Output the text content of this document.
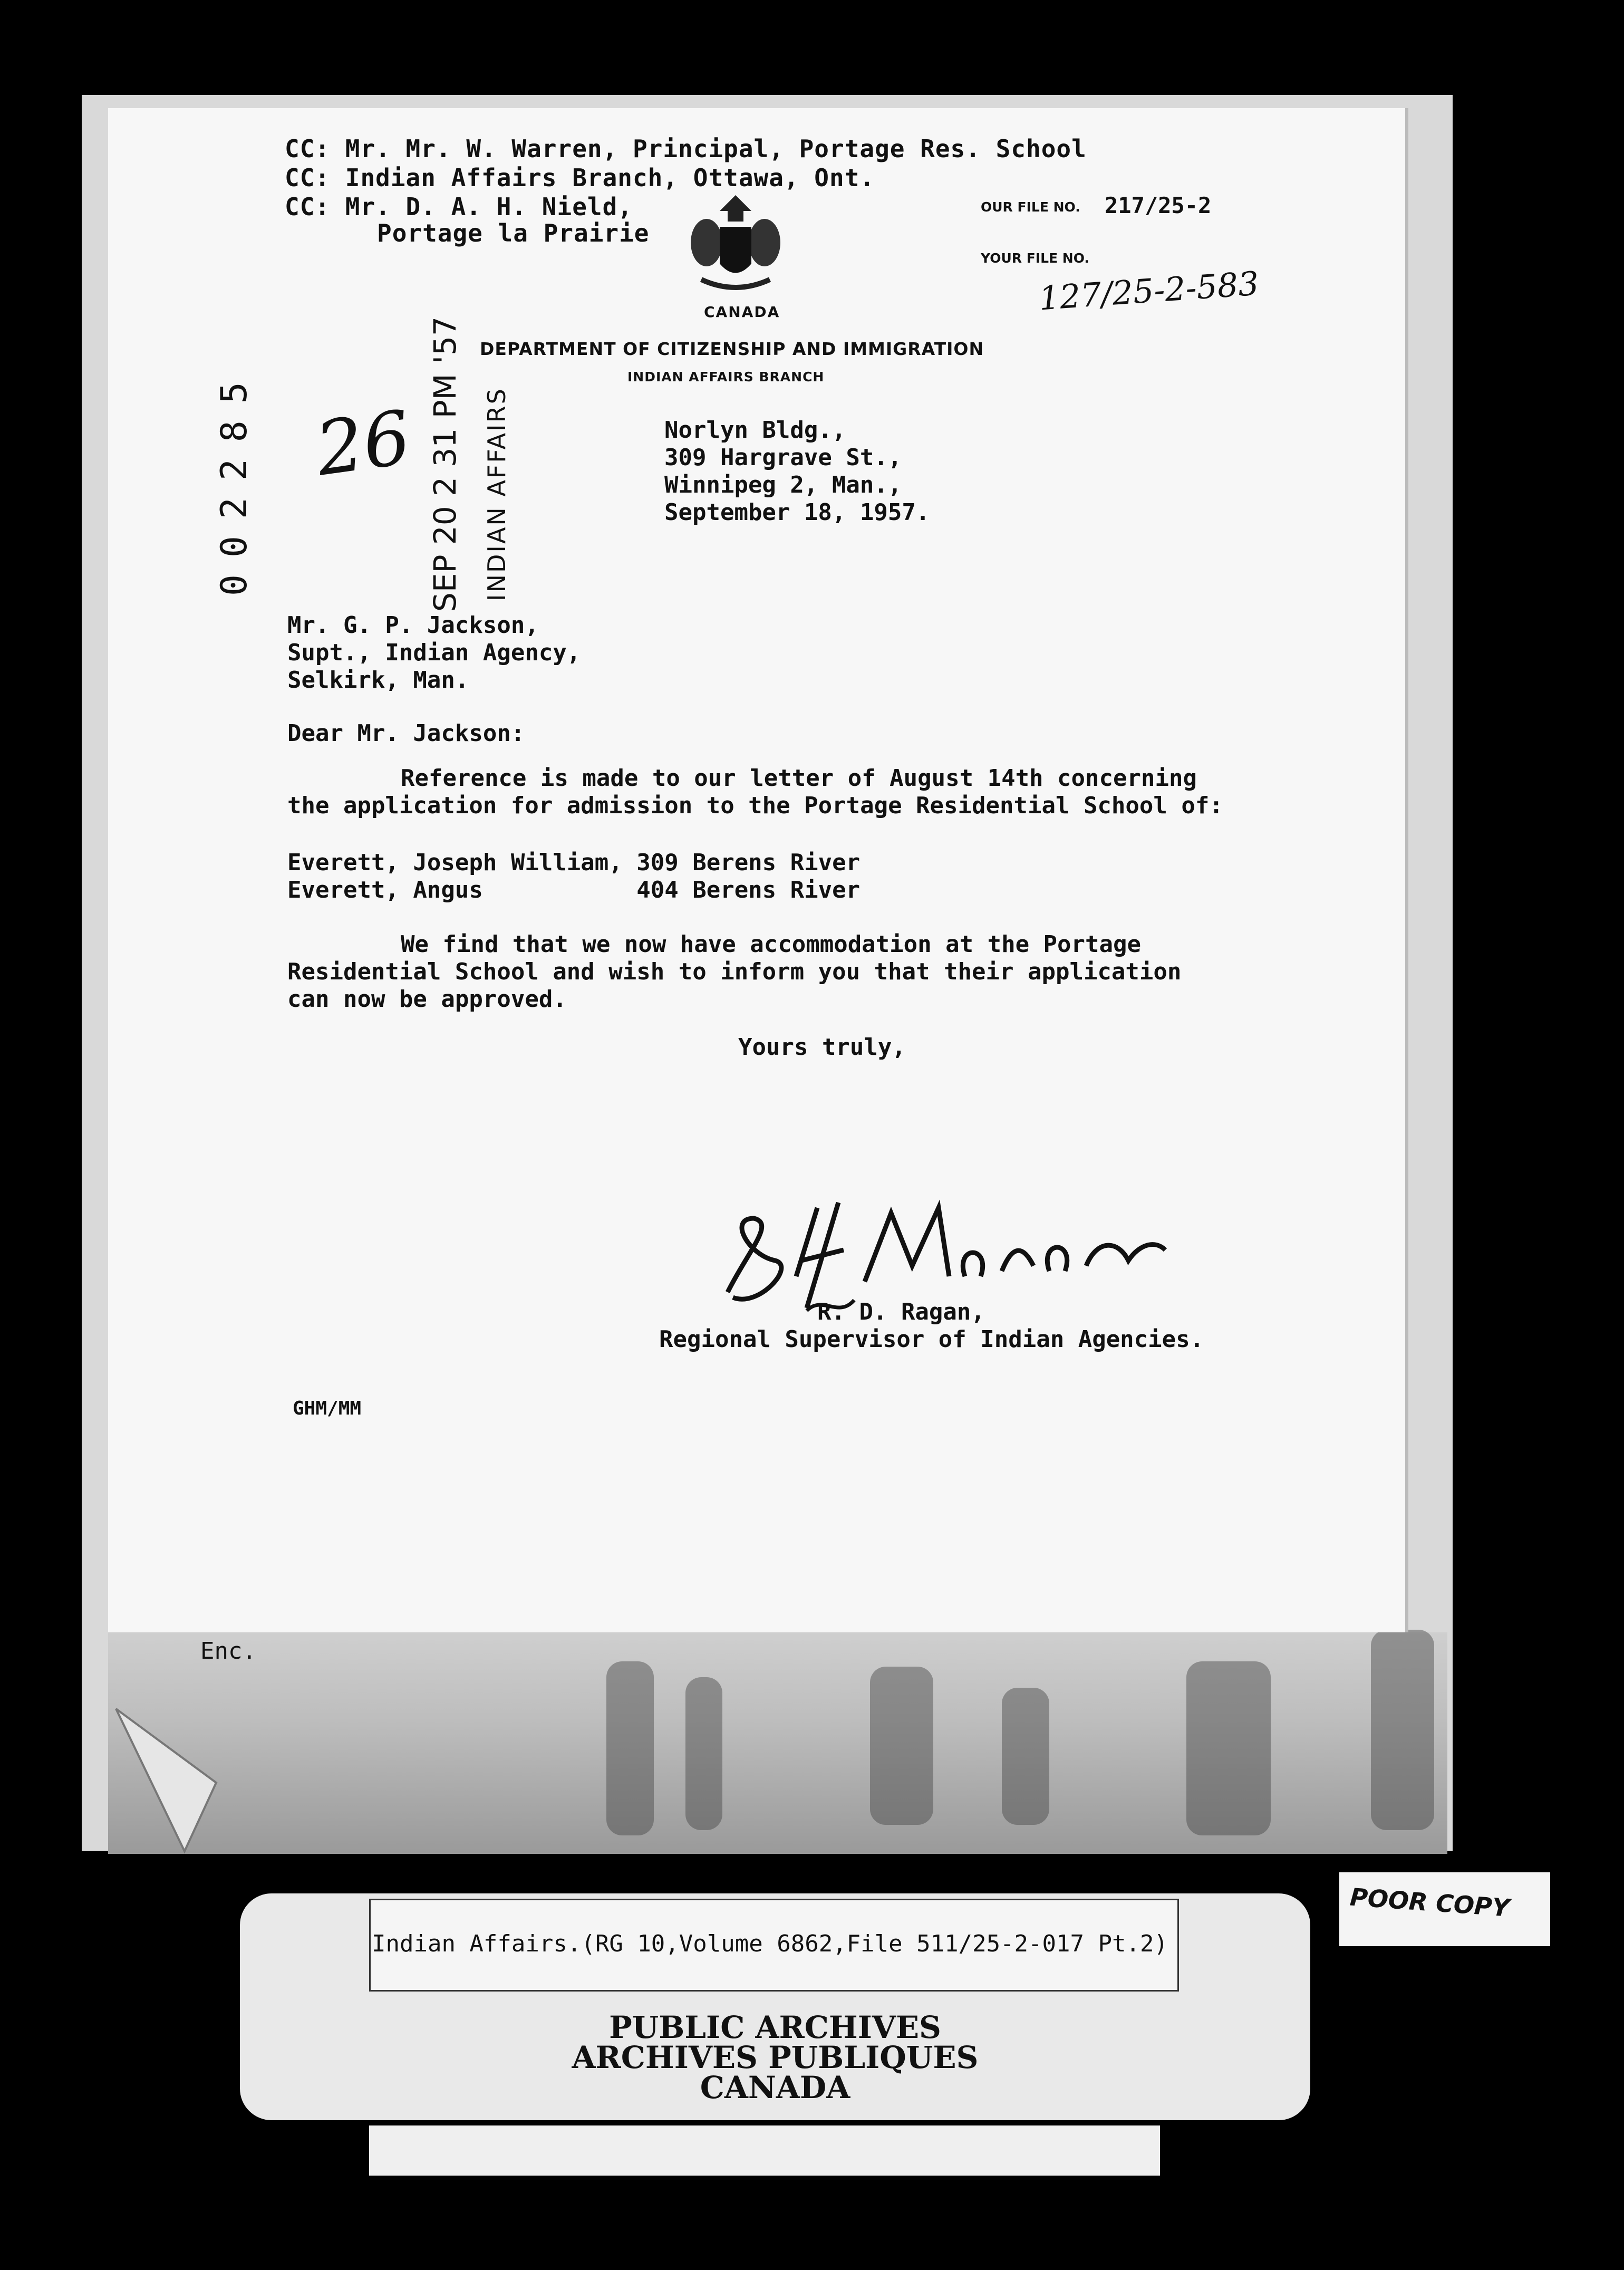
Enc.
CC: Mr. Mr. W. Warren, Principal, Portage Res. School
CC: Indian Affairs Branch, Ottawa, Ont.
CC: Mr. D. A. H. Nield,
Portage la Prairie
CANADA
DEPARTMENT OF CITIZENSHIP AND IMMIGRATION
INDIAN AFFAIRS BRANCH
OUR FILE NO. 217/25-2
YOUR FILE NO.
127/25-2-583
002285 26 SEP 20 2 31 PM '57 INDIAN AFFAIRS	Norlyn Bldg.,
309 Hargrave St.,
Winnipeg 2, Man.,
September 18, 1957.
Mr. G. P. Jackson,
Supt., Indian Agency,
Selkirk, Man.
Dear Mr. Jackson:
Reference is made to our letter of August 14th concerning
the application for admission to the Portage Residential School of:
Everett, Joseph William, 309 Berens River
Everett, Angus           404 Berens River
We find that we now have accommodation at the Portage
Residential School and wish to inform you that their application
can now be approved.
Yours truly,
R. D. Ragan,
Regional Supervisor of Indian Agencies.
GHM/MM
Indian Affairs.(RG 10,Volume 6862,File 511/25-2-017 Pt.2)
PUBLIC ARCHIVES
ARCHIVES PUBLIQUES
CANADA
POOR COPY
